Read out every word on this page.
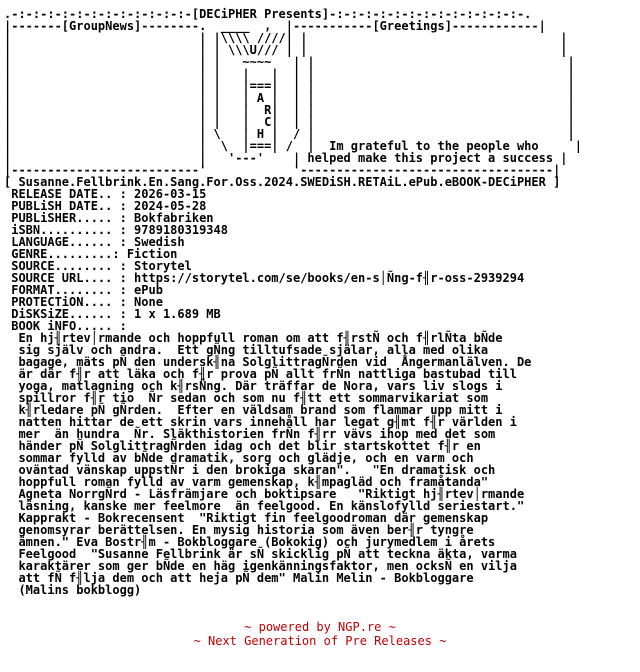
.-:-:-:-:-:-:-:-:-:-:-:-:-[DECiPHER Presents]-:-:-:-:-:-:-:-:-:-:-:-:-:-.
|-------[GroupNews]--------.  ____  ,  |-----------[Greetings]------------|
|                          | |\\\\ ////| |                                   |
|                          | | \\\U/// | |                                   |
|                          | |   ~~~~   | |                                   |
|                          | |   |   |  | |                                   |
|                          | |   |===|  | |                                   |
|                          | |   | A |  | |                                   |
|                          | |   |  R|  | |                                   |
|                          | |   |  C|  | |                                   |
|                          | \   | H |  / |                                   |
|                          |  \  |===| /  |  Im grateful to the people who     |
|                          |   '---'    | helped make this project a success |
|--------------------------'            '-----------------------------------|
[ Susanne.Fellbrink.En.Sang.For.Oss.2024.SWEDiSH.RETAiL.ePub.eBOOK-DECiPHER ]
RELEASE DATE.. : 2026-03-15
PUBLiSH DATE.. : 2024-05-28
PUBLiSHER..... : Bokfabriken
iSBN.......... : 9789180319348
LANGUAGE...... : Swedish
GENRE.........: Fiction
SOURCE........ : Storytel
SOURCE URL.... : https://storytel.com/se/books/en-s│Ñng-f╢r-oss-2939294
FORMAT........ : ePub
PROTECTiON.... : None
DiSKSiZE...... : 1 x 1.689 MB
BOOK iNFO..... :
En hj╢rtev│rmande och hoppfull roman om att f╢rstÑ och f╢rlÑta bÑde
sig själv och andra.  Ett gÑng tilltufsade själar, alla med olika
bagage, mäts pÑ den undersk╢na SolglittragÑrden vid  Ångermanlälven. De
är där f╢r att läka och f╢r prova pÑ allt frÑn nattliga bastubad till
yoga, matlagning och k╢rsÑng. Där träffar de Nora, vars liv slogs i
spillror f╢r tio  Ñr sedan och som nu f╢tt ett sommarvikariat som
k╢rledare pÑ gÑrden.  Efter en väldsam brand som flammar upp mitt i
natten hittar de ett skrin vars innehåll har legat g╢mt f╢r världen i
mer  än hundra  Ñr. Släkthistorien frÑn f╢rr vävs ihop med det som
händer pÑ SolglittragÑrden idag och det blir startskottet f╢r en
sommar fylld av bÑde dramatik, sorg och glädje, och en varm och
oväntad vänskap uppstÑr i den brokiga skaran".   "En dramatisk och
hoppfull roman fylld av varm gemenskap, k╢mpagläd och framåtanda"
Agneta NorrgÑrd - Läsfrämjare och boktipsare   "Riktigt hj╢rtev│rmande
läsning, kanske mer feelmore  än feelgood. En känslofylld seriestart."
Kapprakt - Bokrecensent  "Riktigt fin feelgoodroman där gemenskap
genomsyrar berättelsen. En mysig historia som även ber╢r tyngre
ämnen." Eva Bostr╢m - Bokbloggare (Bokokig) och jurymedlem i årets
Feelgood  "Susanne Fellbrink är sÑ skicklig pÑ att teckna äkta, varma
karaktärer som ger bÑde en häg igenkänningsfaktor, men ocksÑ en vilja
att fÑ f╢lja dem och att heja pÑ dem" Malin Melin - Bokbloggare
(Malins bokblogg)

~ powered by NGP.re ~
~ Next Generation of Pre Releases ~
